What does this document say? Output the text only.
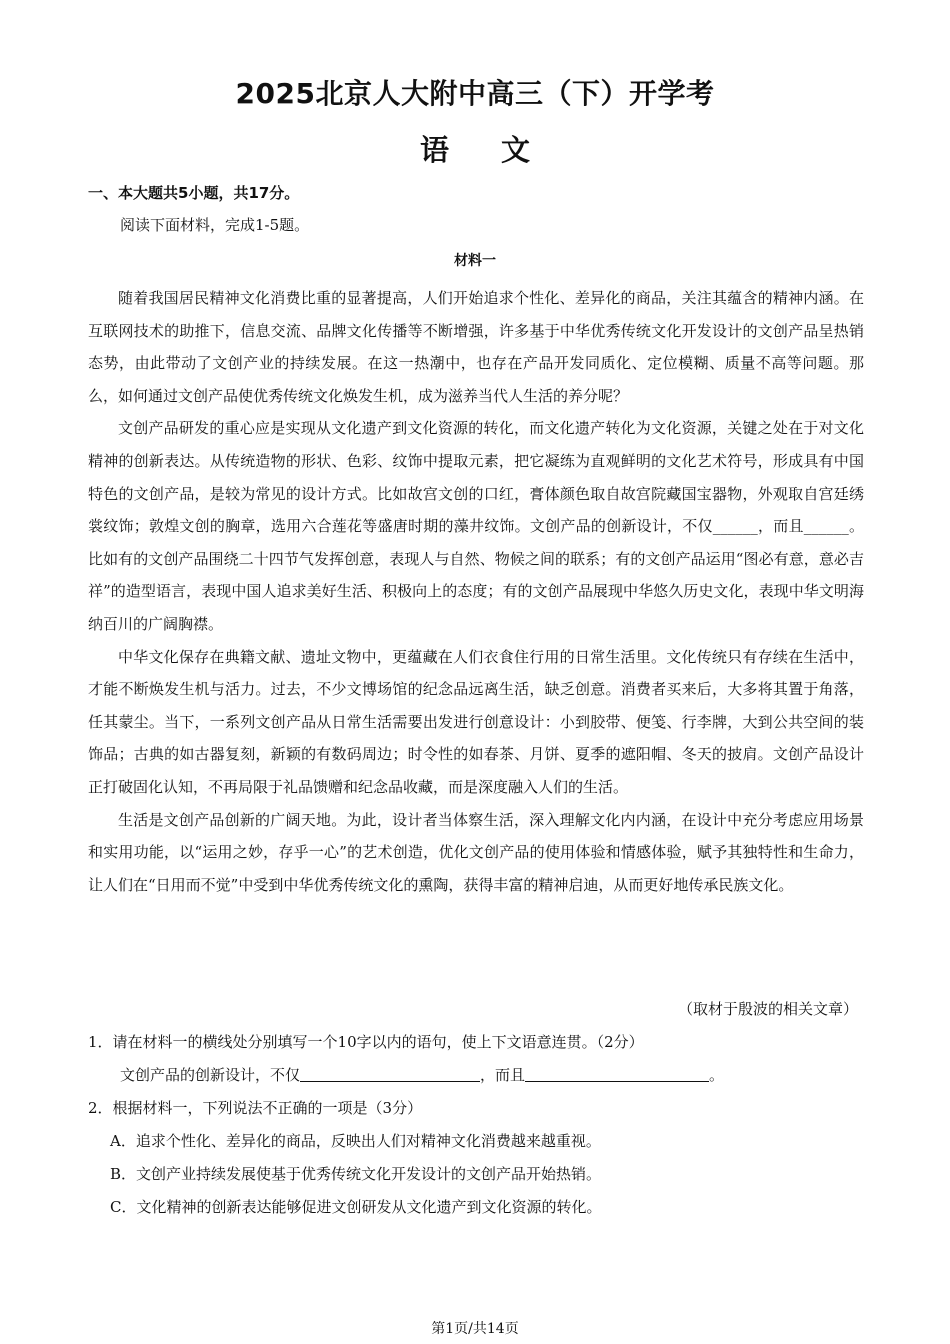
2025北京人大附中高三（下）开学考
语文
一、本大题共5小题，共17分。
阅读下面材料，完成1-5题。
材料一

随着我国居民精神文化消费比重的显著提高，人们开始追求个性化、差异化的商品，关注其蕴含的精神内涵。在互联网技术的助推下，信息交流、品牌文化传播等不断增强，许多基于中华优秀传统文化开发设计的文创产品呈热销态势，由此带动了文创产业的持续发展。在这一热潮中，也存在产品开发同质化、定位模糊、质量不高等问题。那么，如何通过文创产品使优秀传统文化焕发生机，成为滋养当代人生活的养分呢？

文创产品研发的重心应是实现从文化遗产到文化资源的转化，而文化遗产转化为文化资源，关键之处在于对文化精神的创新表达。从传统造物的形状、色彩、纹饰中提取元素，把它凝练为直观鲜明的文化艺术符号，形成具有中国特色的文创产品，是较为常见的设计方式。比如故宫文创的口红，膏体颜色取自故宫院藏国宝器物，外观取自宫廷绣裳纹饰；敦煌文创的胸章，选用六合莲花等盛唐时期的藻井纹饰。文创产品的创新设计，不仅______，而且______。比如有的文创产品围绕二十四节气发挥创意，表现人与自然、物候之间的联系；有的文创产品运用“图必有意，意必吉祥”的造型语言，表现中国人追求美好生活、积极向上的态度；有的文创产品展现中华悠久历史文化，表现中华文明海纳百川的广阔胸襟。

中华文化保存在典籍文献、遗址文物中，更蕴藏在人们衣食住行用的日常生活里。文化传统只有存续在生活中，才能不断焕发生机与活力。过去，不少文博场馆的纪念品远离生活，缺乏创意。消费者买来后，大多将其置于角落，任其蒙尘。当下，一系列文创产品从日常生活需要出发进行创意设计：小到胶带、便笺、行李牌，大到公共空间的装饰品；古典的如古器复刻，新颖的有数码周边；时令性的如春茶、月饼、夏季的遮阳帽、冬天的披肩。文创产品设计正打破固化认知，不再局限于礼品馈赠和纪念品收藏，而是深度融入人们的生活。

生活是文创产品创新的广阔天地。为此，设计者当体察生活，深入理解文化内内涵，在设计中充分考虑应用场景和实用功能，以“运用之妙，存乎一心”的艺术创造，优化文创产品的使用体验和情感体验，赋予其独特性和生命力，让人们在“日用而不觉”中受到中华优秀传统文化的熏陶，获得丰富的精神启迪，从而更好地传承民族文化。

（取材于殷波的相关文章）
1．请在材料一的横线处分别填写一个10字以内的语句，使上下文语意连贯。（2分）
文创产品的创新设计，不仅	，而且	。
2．根据材料一，下列说法不正确的一项是（3分）
A．追求个性化、差异化的商品，反映出人们对精神文化消费越来越重视。
B．文创产业持续发展使基于优秀传统文化开发设计的文创产品开始热销。
C．文化精神的创新表达能够促进文创研发从文化遗产到文化资源的转化。
第1页/共14页
